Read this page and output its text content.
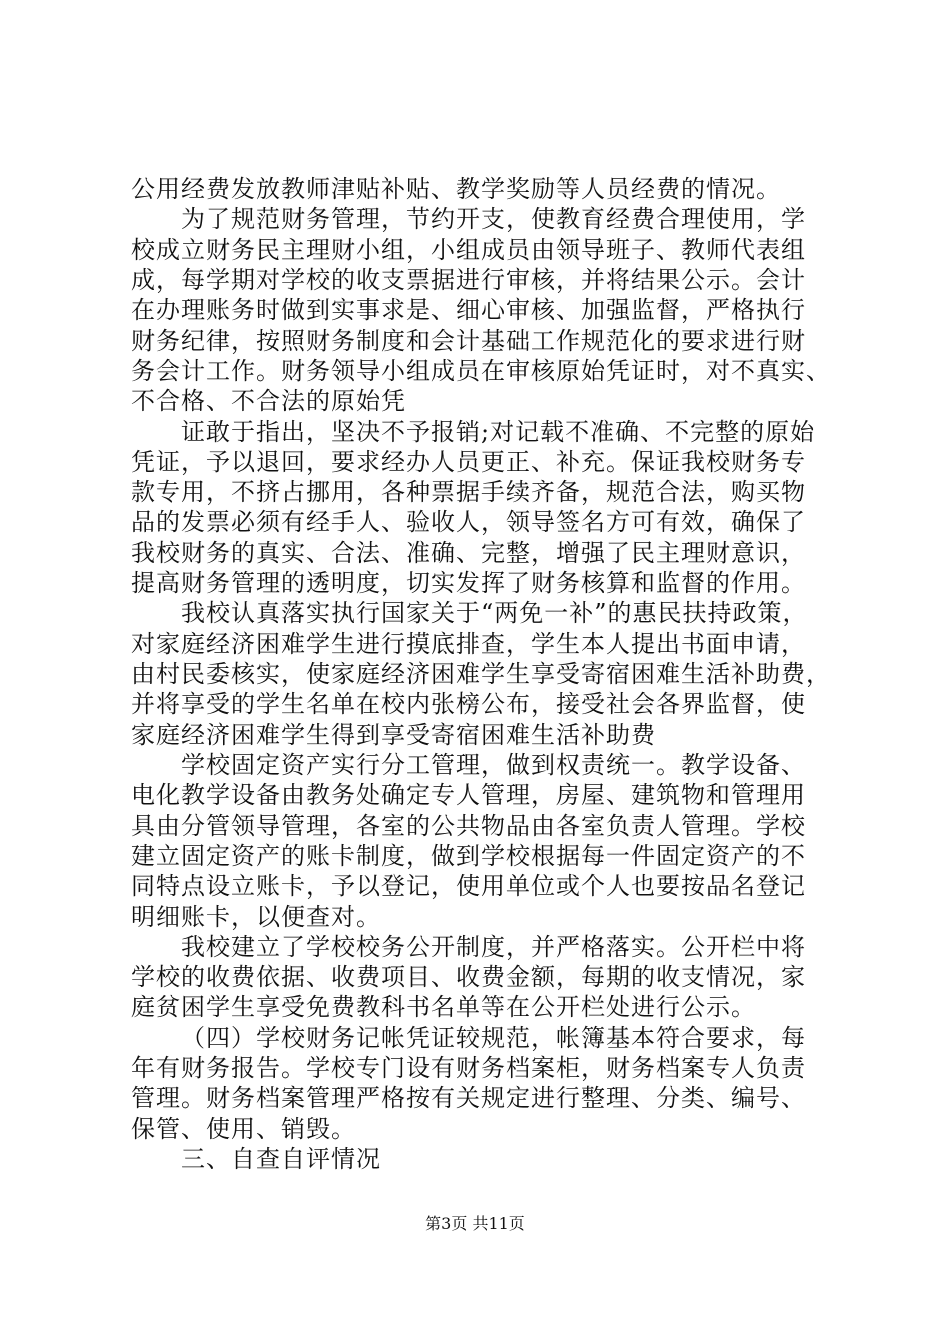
公用经费发放教师津贴补贴、教学奖励等人员经费的情况。
为了规范财务管理，节约开支，使教育经费合理使用，学
校成立财务民主理财小组，小组成员由领导班子、教师代表组
成，每学期对学校的收支票据进行审核，并将结果公示。会计
在办理账务时做到实事求是、细心审核、加强监督，严格执行
财务纪律，按照财务制度和会计基础工作规范化的要求进行财
务会计工作。财务领导小组成员在审核原始凭证时，对不真实、
不合格、不合法的原始凭
证敢于指出，坚决不予报销;对记载不准确、不完整的原始
凭证，予以退回，要求经办人员更正、补充。保证我校财务专
款专用，不挤占挪用，各种票据手续齐备，规范合法，购买物
品的发票必须有经手人、验收人，领导签名方可有效，确保了
我校财务的真实、合法、准确、完整，增强了民主理财意识，
提高财务管理的透明度，切实发挥了财务核算和监督的作用。
我校认真落实执行国家关于“两免一补”的惠民扶持政策，
对家庭经济困难学生进行摸底排查，学生本人提出书面申请，
由村民委核实，使家庭经济困难学生享受寄宿困难生活补助费，
并将享受的学生名单在校内张榜公布，接受社会各界监督，使
家庭经济困难学生得到享受寄宿困难生活补助费
学校固定资产实行分工管理，做到权责统一。教学设备、
电化教学设备由教务处确定专人管理，房屋、建筑物和管理用
具由分管领导管理，各室的公共物品由各室负责人管理。学校
建立固定资产的账卡制度，做到学校根据每一件固定资产的不
同特点设立账卡，予以登记，使用单位或个人也要按品名登记
明细账卡，以便查对。
我校建立了学校校务公开制度，并严格落实。公开栏中将
学校的收费依据、收费项目、收费金额，每期的收支情况，家
庭贫困学生享受免费教科书名单等在公开栏处进行公示。
（四）学校财务记帐凭证较规范，帐簿基本符合要求，每
年有财务报告。学校专门设有财务档案柜，财务档案专人负责
管理。财务档案管理严格按有关规定进行整理、分类、编号、
保管、使用、销毁。
三、自查自评情况
第3页 共11页
